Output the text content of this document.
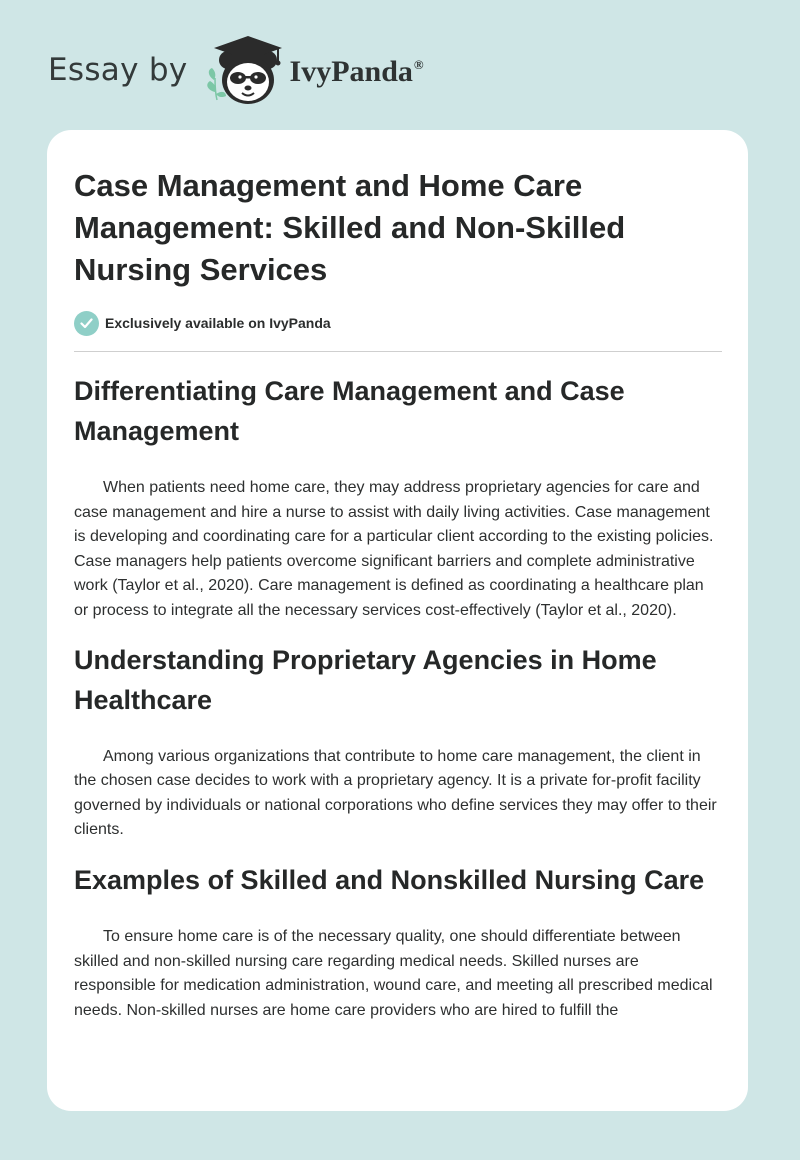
Essay by	IvyPanda®
Case Management and Home Care Management: Skilled and Non-Skilled Nursing Services
Exclusively available on IvyPanda
Differentiating Care Management and Case Management

When patients need home care, they may address proprietary agencies for care and case management and hire a nurse to assist with daily living activities. Case management is developing and coordinating care for a particular client according to the existing policies. Case managers help patients overcome significant barriers and complete administrative work (Taylor et al., 2020). Care management is defined as coordinating a healthcare plan or process to integrate all the necessary services cost-effectively (Taylor et al., 2020).

Understanding Proprietary Agencies in Home Healthcare

Among various organizations that contribute to home care management, the client in the chosen case decides to work with a proprietary agency. It is a private for-profit facility governed by individuals or national corporations who define services they may offer to their clients.

Examples of Skilled and Nonskilled Nursing Care

To ensure home care is of the necessary quality, one should differentiate between skilled and non-skilled nursing care regarding medical needs. Skilled nurses are responsible for medication administration, wound care, and meeting all prescribed medical needs. Non-skilled nurses are home care providers who are hired to fulfill the
